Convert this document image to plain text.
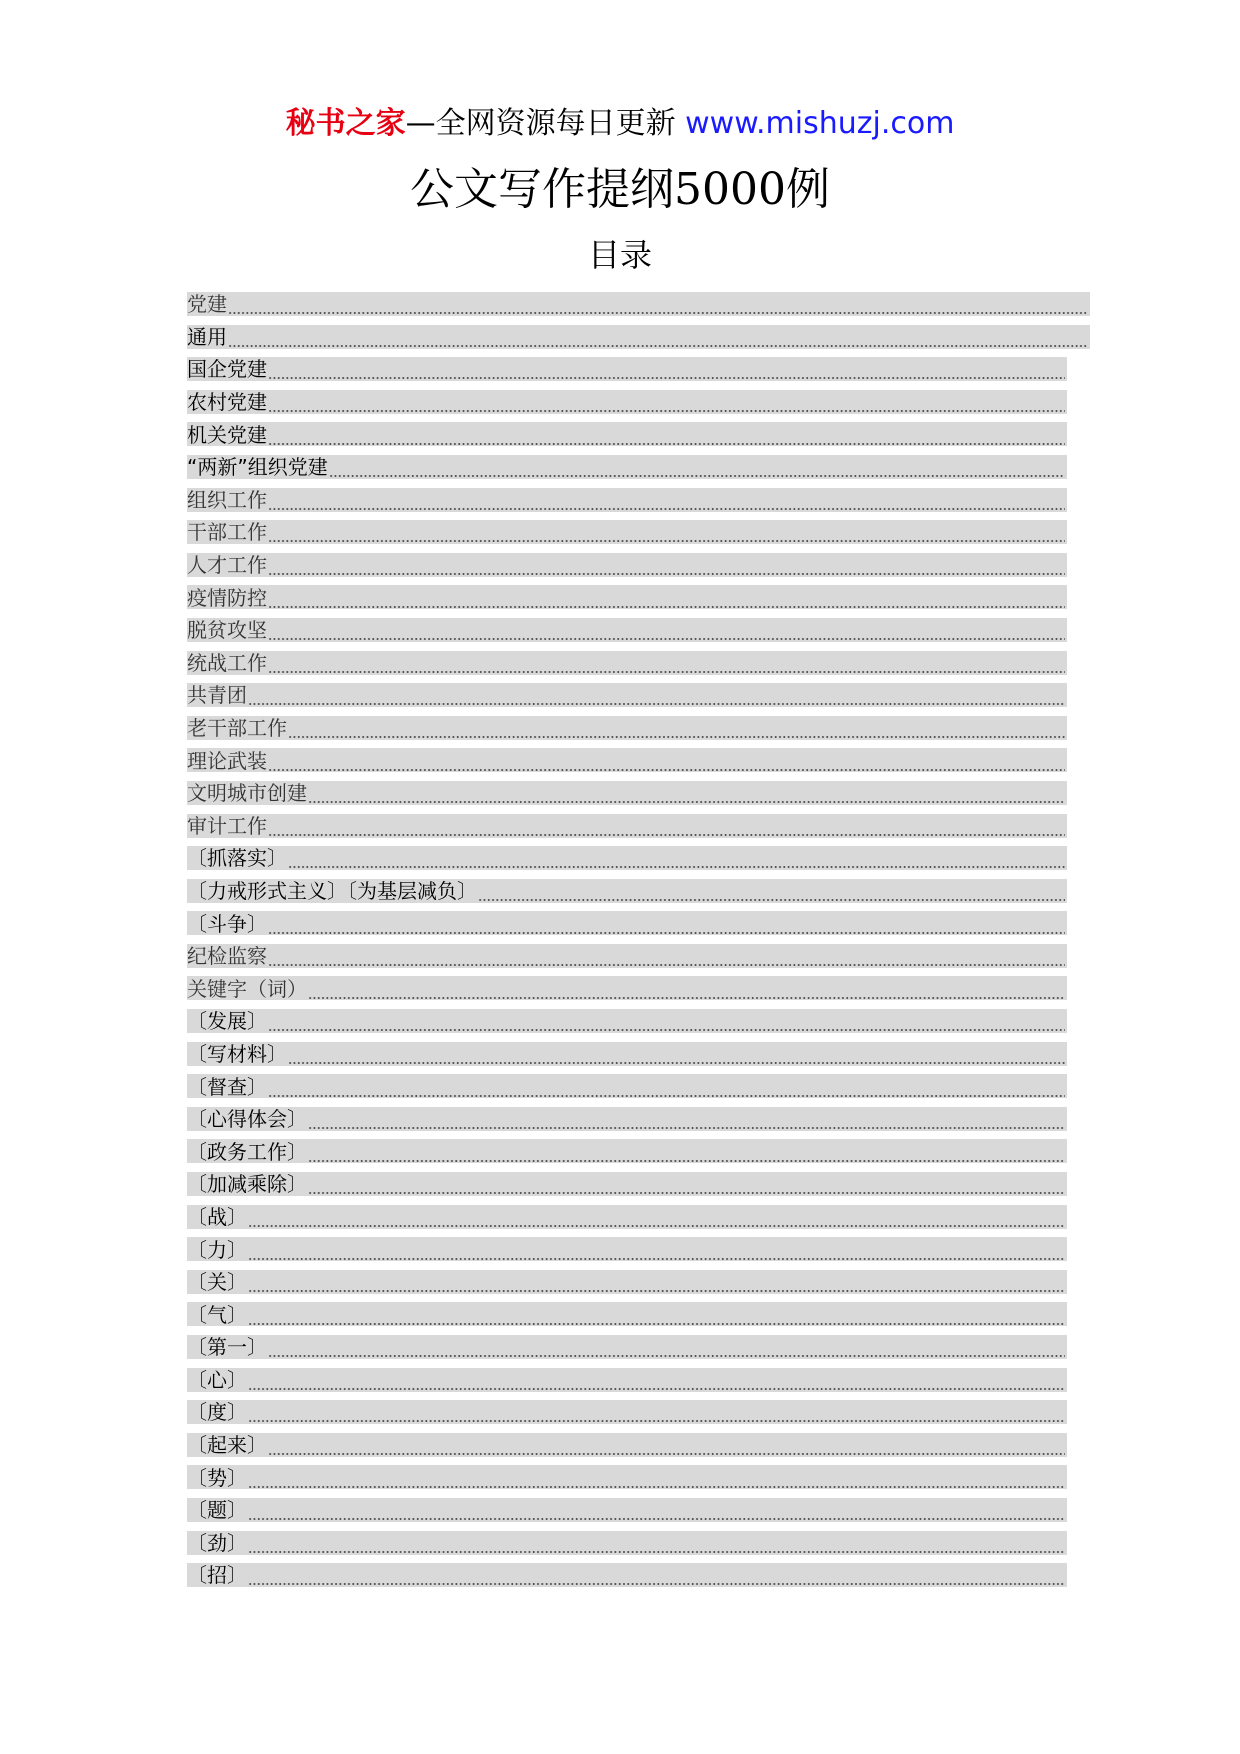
秘书之家—全网资源每日更新 www.mishuzj.com
公文写作提纲5000例
目录
党建
通用
国企党建
农村党建
机关党建
“两新”组织党建
组织工作
干部工作
人才工作
疫情防控
脱贫攻坚
统战工作
共青团
老干部工作
理论武装
文明城市创建
审计工作
〔抓落实〕
〔力戒形式主义〕〔为基层减负〕
〔斗争〕
纪检监察
关键字（词）
〔发展〕
〔写材料〕
〔督查〕
〔心得体会〕
〔政务工作〕
〔加减乘除〕
〔战〕
〔力〕
〔关〕
〔气〕
〔第一〕
〔心〕
〔度〕
〔起来〕
〔势〕
〔题〕
〔劲〕
〔招〕
